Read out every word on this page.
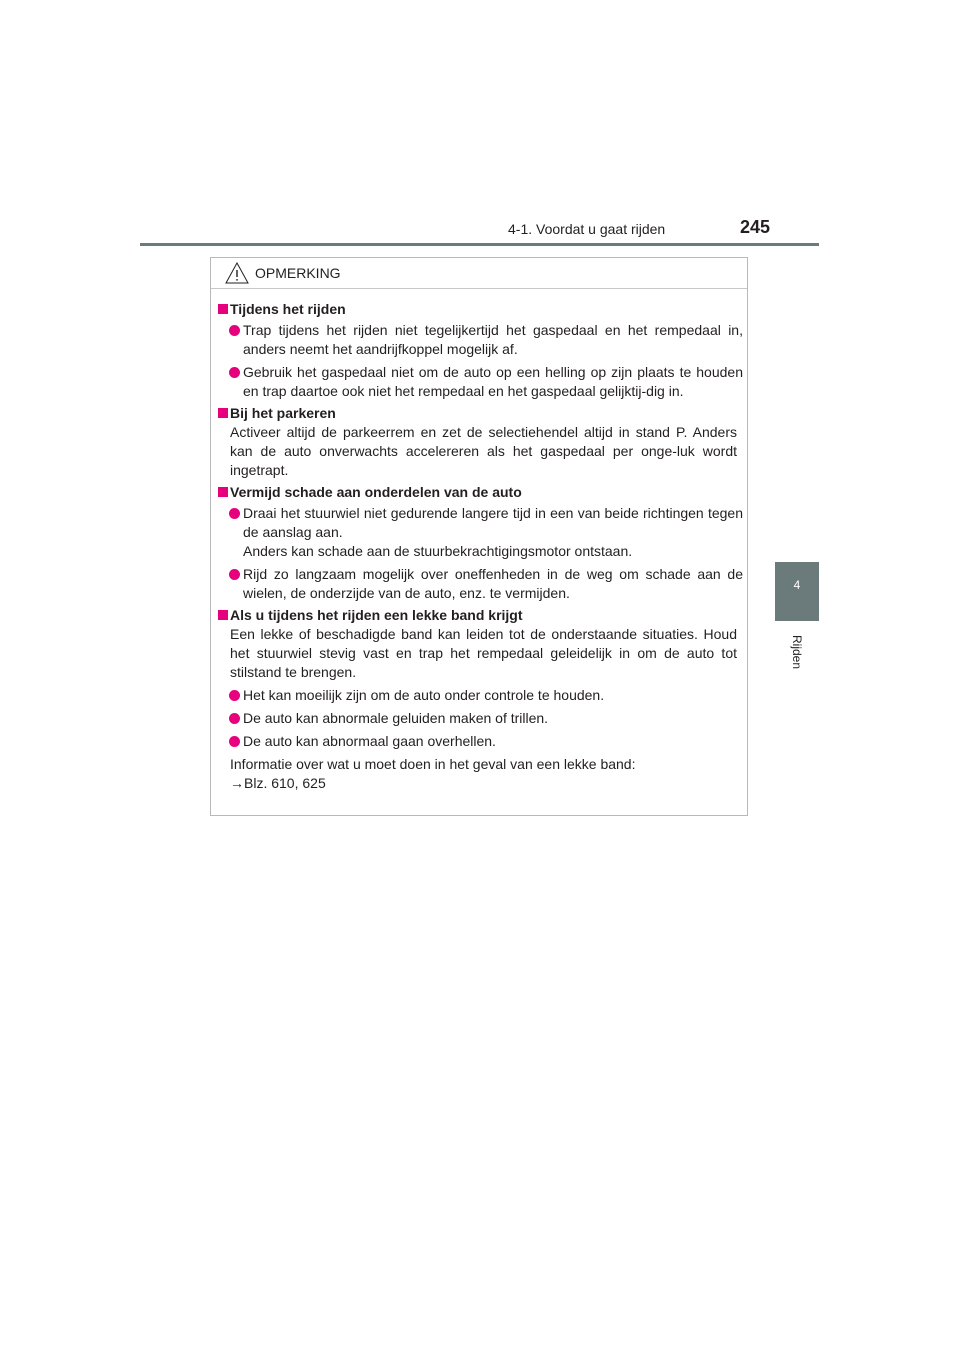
4-1. Voordat u gaat rijden	245
4
Rijden
OPMERKING
Tijdens het rijden
Trap tijdens het rijden niet tegelijkertijd het gaspedaal en het rempedaal in, anders neemt het aandrijfkoppel mogelijk af.
Gebruik het gaspedaal niet om de auto op een helling op zijn plaats te houden en trap daartoe ook niet het rempedaal en het gaspedaal gelijktij-dig in.
Bij het parkeren
Activeer altijd de parkeerrem en zet de selectiehendel altijd in stand P. Anders kan de auto onverwachts accelereren als het gaspedaal per onge-luk wordt ingetrapt.
Vermijd schade aan onderdelen van de auto
Draai het stuurwiel niet gedurende langere tijd in een van beide richtingen tegen de aanslag aan.
Anders kan schade aan de stuurbekrachtigingsmotor ontstaan.
Rijd zo langzaam mogelijk over oneffenheden in de weg om schade aan de wielen, de onderzijde van de auto, enz. te vermijden.
Als u tijdens het rijden een lekke band krijgt
Een lekke of beschadigde band kan leiden tot de onderstaande situaties. Houd het stuurwiel stevig vast en trap het rempedaal geleidelijk in om de auto tot stilstand te brengen.
Het kan moeilijk zijn om de auto onder controle te houden.
De auto kan abnormale geluiden maken of trillen.
De auto kan abnormaal gaan overhellen.
Informatie over wat u moet doen in het geval van een lekke band:
→Blz. 610, 625
